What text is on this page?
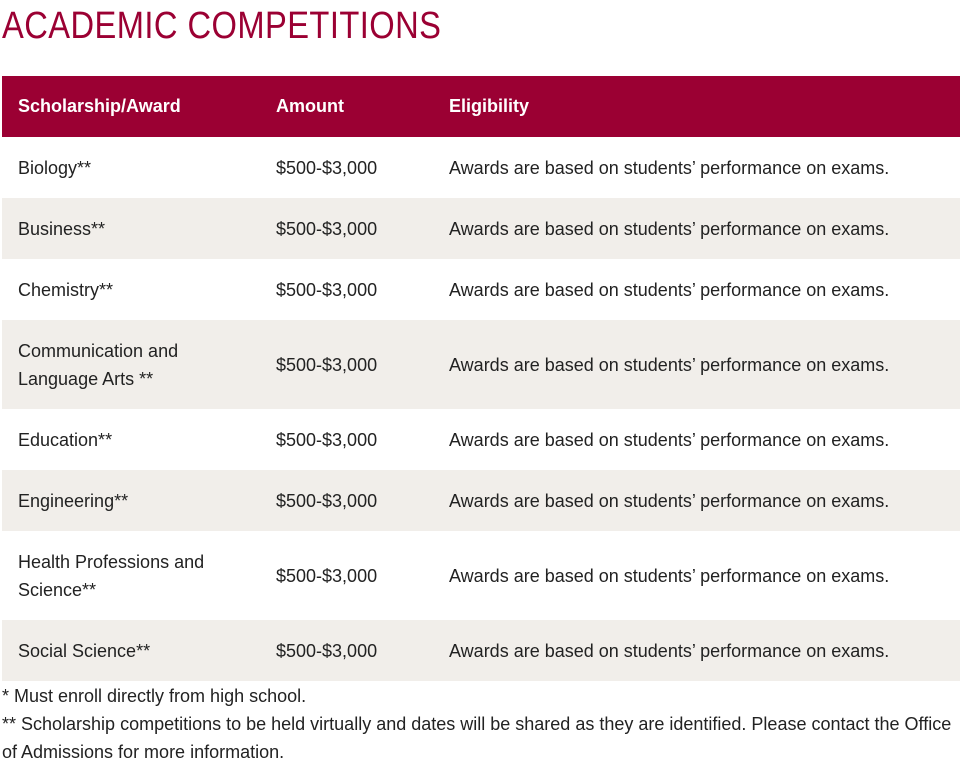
ACADEMIC COMPETITIONS
Scholarship/Award	Amount	Eligibility
Biology**	$500-$3,000	Awards are based on students’ performance on exams.
Business**	$500-$3,000	Awards are based on students’ performance on exams.
Chemistry**	$500-$3,000	Awards are based on students’ performance on exams.
Communication and Language Arts **	$500-$3,000	Awards are based on students’ performance on exams.
Education**	$500-$3,000	Awards are based on students’ performance on exams.
Engineering**	$500-$3,000	Awards are based on students’ performance on exams.
Health Professions and Science**	$500-$3,000	Awards are based on students’ performance on exams.
Social Science**	$500-$3,000	Awards are based on students’ performance on exams.

* Must enroll directly from high school.

** Scholarship competitions to be held virtually and dates will be shared as they are identified. Please contact the Office of Admissions for more information.
